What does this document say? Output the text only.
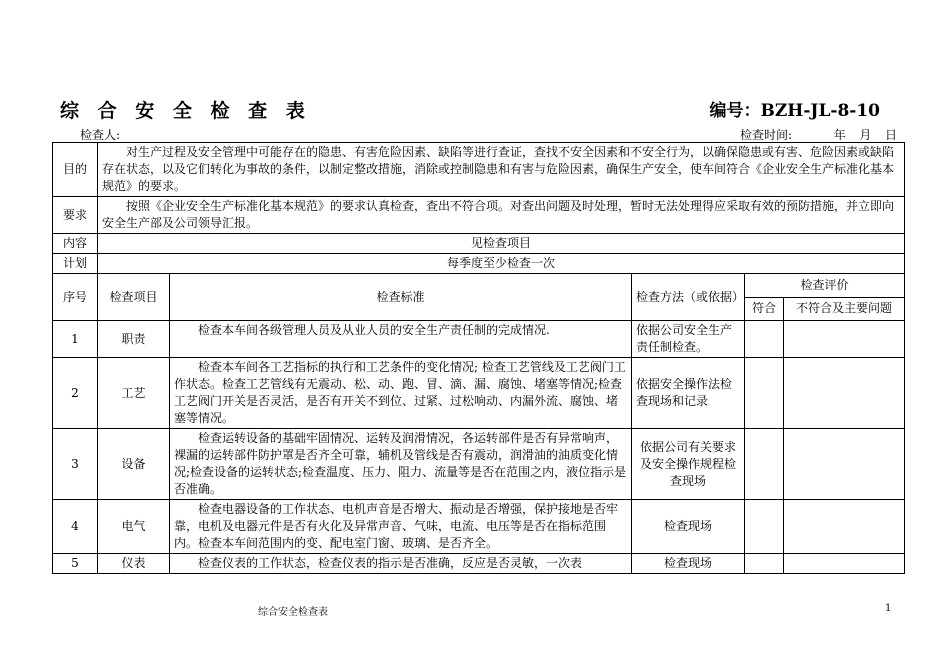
综 合 安 全 检 查 表	编号：BZH-JL-8-10
检查人:	检查时间:	年 月 日
目的	对生产过程及安全管理中可能存在的隐患、有害危险因素、缺陷等进行查证，查找不安全因素和不安全行为，以确保隐患或有害、危险因素或缺陷存在状态，以及它们转化为事故的条件，以制定整改措施，消除或控制隐患和有害与危险因素，确保生产安全，使车间符合《企业安全生产标准化基本规范》的要求。				
要求	按照《企业安全生产标准化基本规范》的要求认真检查，查出不符合项。对查出问题及时处理，暂时无法处理得应采取有效的预防措施，并立即向安全生产部及公司领导汇报。				
内容	见检查项目				
计划	每季度至少检查一次				
序号	检查项目	检查标准	检查方法（或依据）	检查评价	
				符合	不符合及主要问题
1	职责	检查本车间各级管理人员及从业人员的安全生产责任制的完成情况.	依据公司安全生产责任制检查。		
2	工艺	检查本车间各工艺指标的执行和工艺条件的变化情况; 检查工艺管线及工艺阀门工作状态。检查工艺管线有无震动、松、动、跑、冒、滴、漏、腐蚀、堵塞等情况;检查工艺阀门开关是否灵活，是否有开关不到位、过紧、过松响动、内漏外流、腐蚀、堵塞等情况。	依据安全操作法检查现场和记录		
3	设备	检查运转设备的基础牢固情况、运转及润滑情况，各运转部件是否有异常响声，裸漏的运转部件防护罩是否齐全可靠，辅机及管线是否有震动，润滑油的油质变化情况;检查设备的运转状态;检查温度、压力、阻力、流量等是否在范围之内，液位指示是否准确。	依据公司有关要求及安全操作规程检查现场		
4	电气	检查电器设备的工作状态、电机声音是否增大、振动是否增强，保护接地是否牢靠，电机及电器元件是否有火化及异常声音、气味，电流、电压等是否在指标范围内。检查本车间范围内的变、配电室门窗、玻璃、是否齐全。	检查现场		
5	仪表	检查仪表的工作状态，检查仪表的指示是否准确，反应是否灵敏，一次表	检查现场		
综合安全检查表	1
